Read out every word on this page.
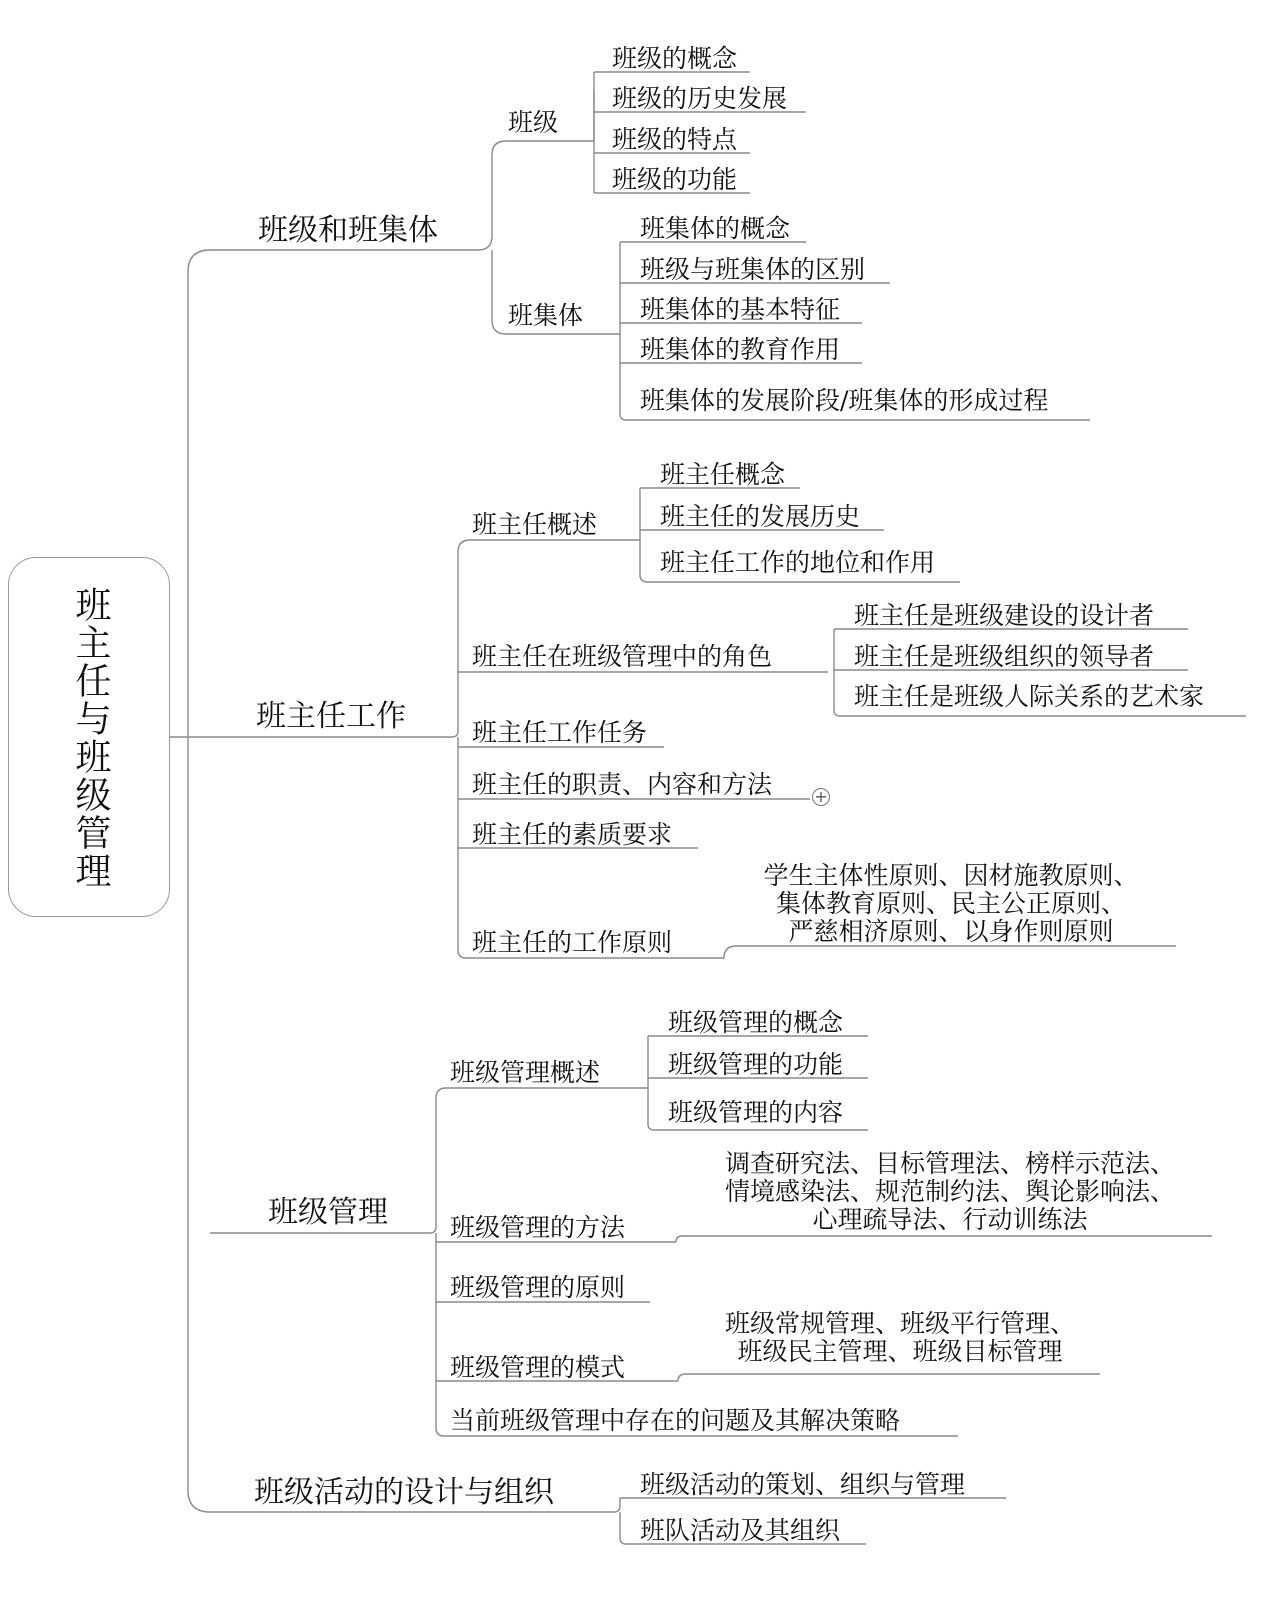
班主任与班级管理
班级和班集体
班级
班级的概念
班级的历史发展
班级的特点
班级的功能
班集体
班集体的概念
班级与班集体的区别
班集体的基本特征
班集体的教育作用
班集体的发展阶段/班集体的形成过程
班主任工作
班主任概述
班主任概念
班主任的发展历史
班主任工作的地位和作用
班主任在班级管理中的角色
班主任是班级建设的设计者
班主任是班级组织的领导者
班主任是班级人际关系的艺术家
班主任工作任务
班主任的职责、内容和方法	+
班主任的素质要求
班主任的工作原则
学生主体性原则、因材施教原则、
集体教育原则、民主公正原则、
严慈相济原则、以身作则原则
班级管理
班级管理概述
班级管理的概念
班级管理的功能
班级管理的内容
班级管理的方法
调查研究法、目标管理法、榜样示范法、
情境感染法、规范制约法、舆论影响法、
心理疏导法、行动训练法
班级管理的原则
班级管理的模式
班级常规管理、班级平行管理、
班级民主管理、班级目标管理
当前班级管理中存在的问题及其解决策略
班级活动的设计与组织	班级活动的策划、组织与管理
班队活动及其组织
